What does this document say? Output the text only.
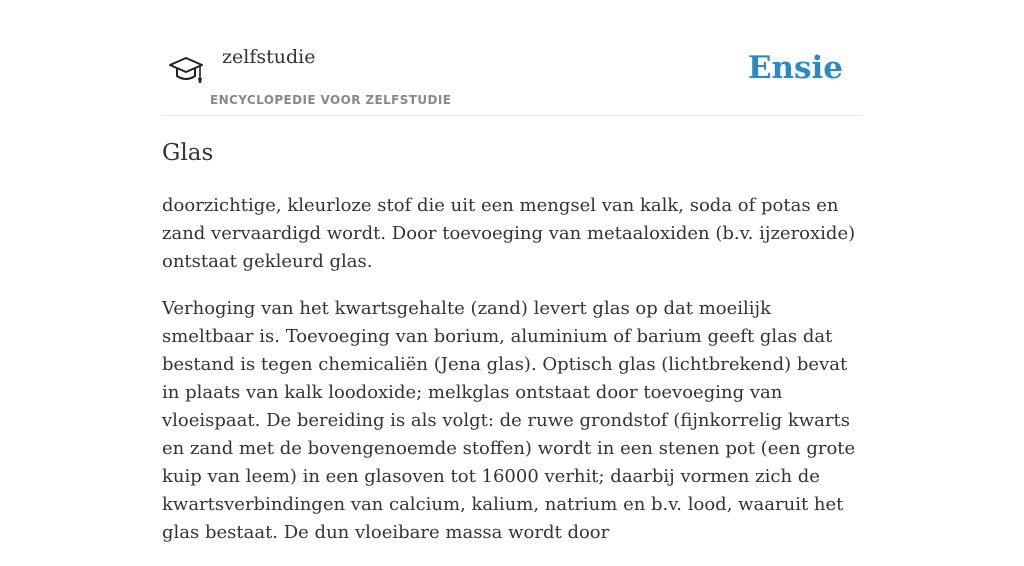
zelfstudie
ENCYCLOPEDIE VOOR ZELFSTUDIE
Ensie
Glas

doorzichtige, kleurloze stof die uit een mengsel van kalk, soda of potas en zand vervaardigd wordt. Door toevoeging van metaaloxiden (b.v. ijzeroxide) ontstaat gekleurd glas.

Verhoging van het kwartsgehalte (zand) levert glas op dat moeilijk smeltbaar is. Toevoeging van borium, aluminium of barium geeft glas dat bestand is tegen chemicaliën (Jena glas). Optisch glas (lichtbrekend) bevat in plaats van kalk loodoxide; melkglas ontstaat door toevoeging van vloeispaat. De bereiding is als volgt: de ruwe grondstof (fijnkorrelig kwarts en zand met de bovengenoemde stoffen) wordt in een stenen pot (een grote kuip van leem) in een glasoven tot 16000 verhit; daarbij vormen zich de kwartsverbindingen van calcium, kalium, natrium en b.v. lood, waaruit het glas bestaat. De dun vloeibare massa wordt door
